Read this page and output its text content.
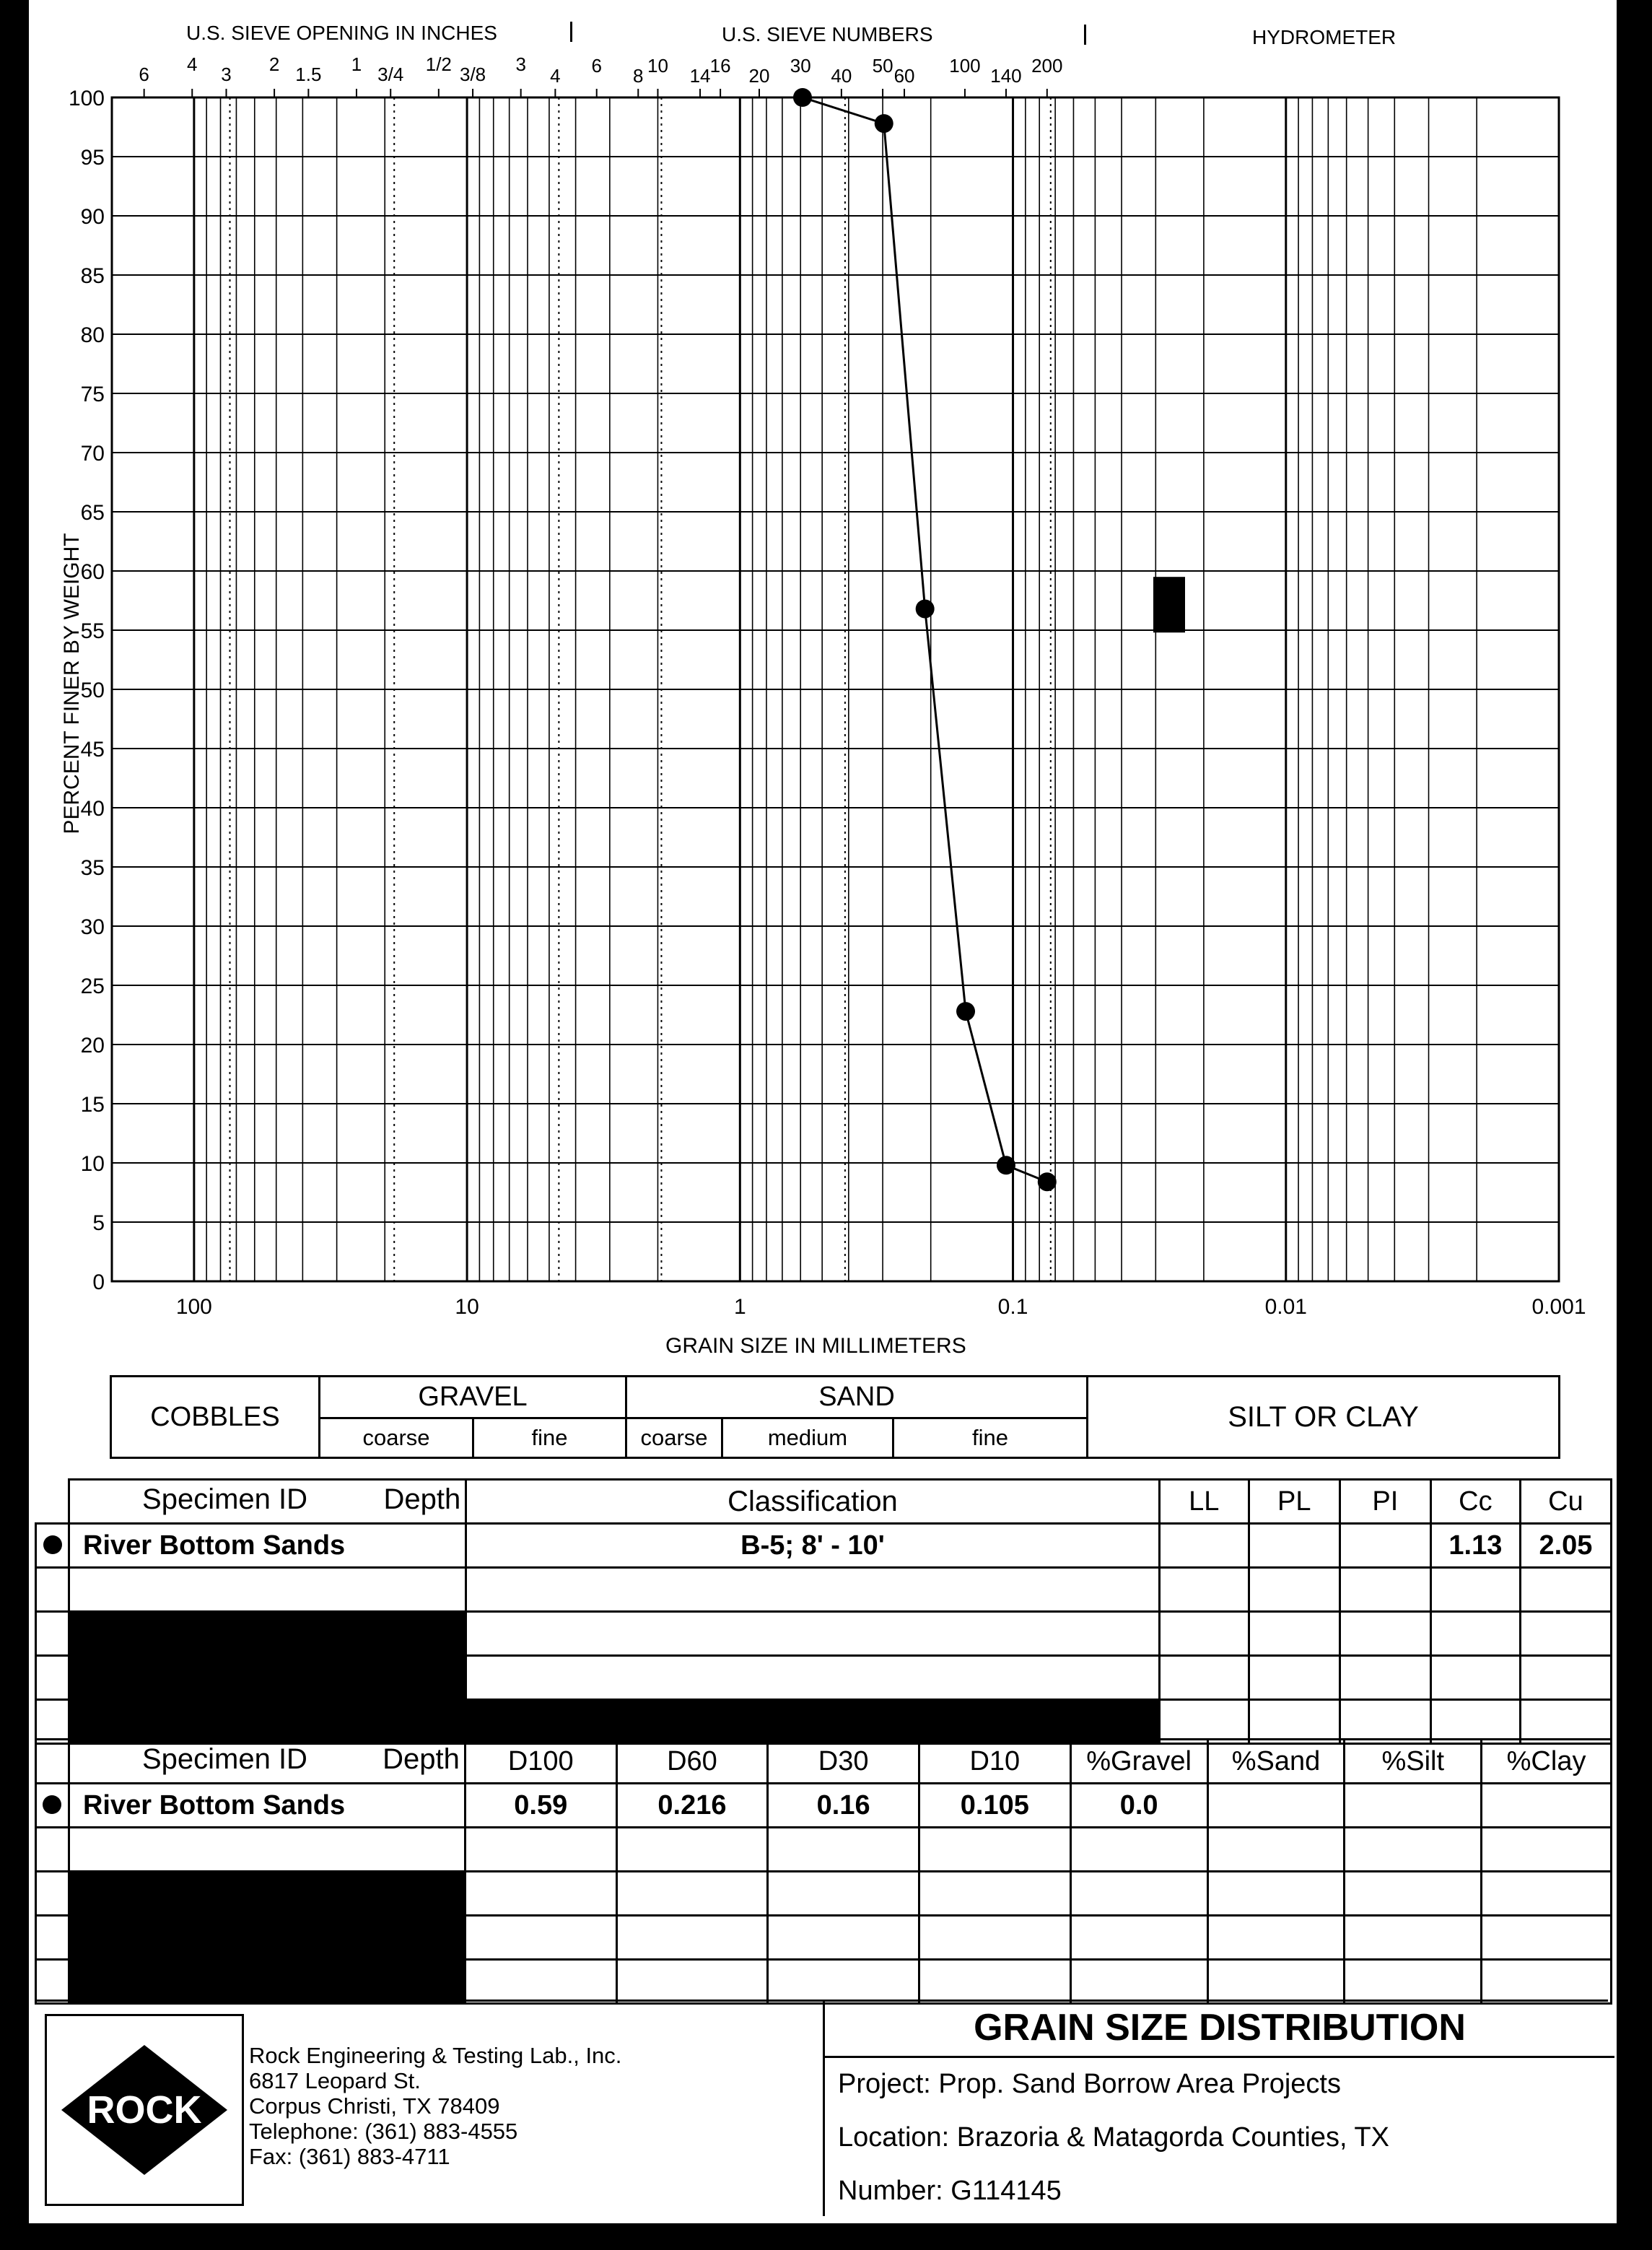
100
95
90
85
80
75
70
65
60
55
50
45
40
35
30
25
20
15
10
5
0
100	10	1	0.1	0.01	0.001
6 4 3 2 1.5 1 3/4 1/2 3/8 3
4 6 8 10 14 16 20 30 40 50 60 100 140 200
U.S. SIEVE OPENING IN INCHES	U.S. SIEVE NUMBERS	HYDROMETER
GRAIN SIZE IN MILLIMETERS
PERCENT FINER BY WEIGHT
COBBLES
GRAVEL
coarse	fine
SAND
coarse	medium	fine
SILT OR CLAY

	Specimen ID Depth	Classification	LL	PL	PI	Cc	Cu
	River Bottom Sands	B-5; 8' - 10'				1.13	2.05

	Specimen ID Depth	D100	D60	D30	D10	%Gravel	%Sand	%Silt	%Clay
	River Bottom Sands	0.59	0.216	0.16	0.105	0.0			

ROCK
Rock Engineering & Testing Lab., Inc.
6817 Leopard St.
Corpus Christi, TX 78409
Telephone: (361) 883-4555
Fax: (361) 883-4711
GRAIN SIZE DISTRIBUTION
Project: Prop. Sand Borrow Area Projects
Location: Brazoria & Matagorda Counties, TX
Number: G114145
